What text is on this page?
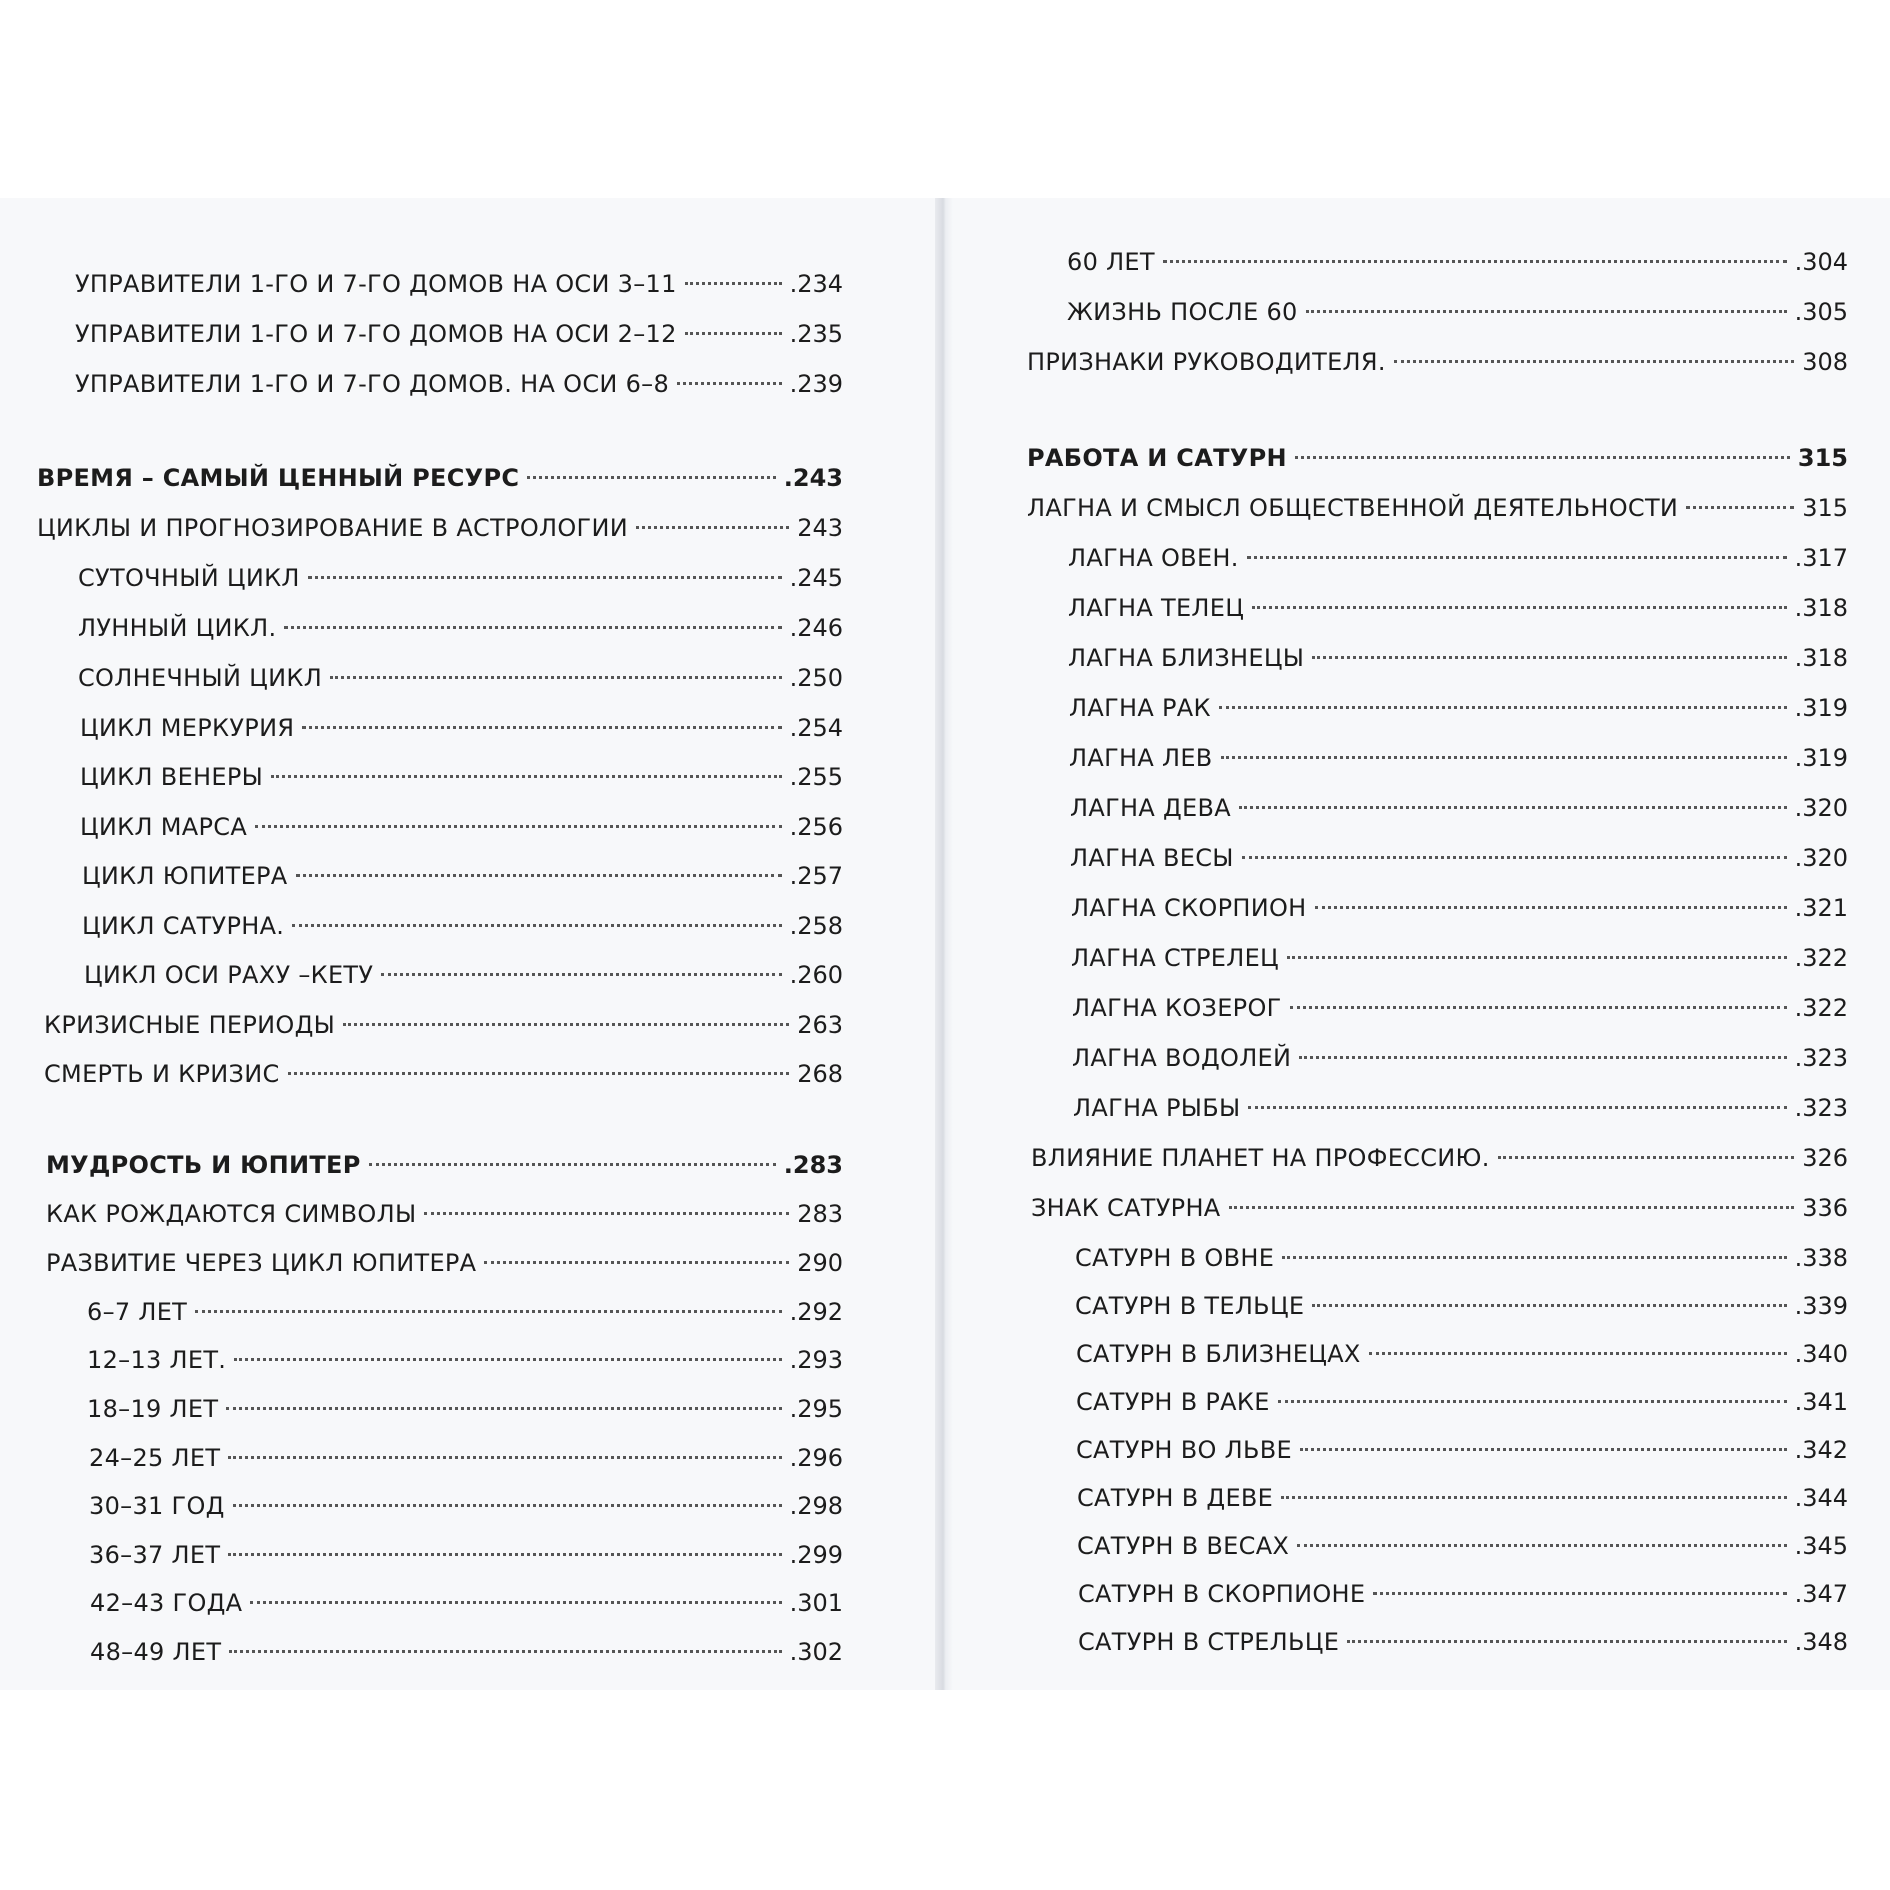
УПРАВИТЕЛИ 1-ГО И 7-ГО ДОМОВ НА ОСИ 3–11	.234
УПРАВИТЕЛИ 1-ГО И 7-ГО ДОМОВ НА ОСИ 2–12	.235
УПРАВИТЕЛИ 1-ГО И 7-ГО ДОМОВ. НА ОСИ 6–8	.239
ВРЕМЯ – САМЫЙ ЦЕННЫЙ РЕСУРС	.243
ЦИКЛЫ И ПРОГНОЗИРОВАНИЕ В АСТРОЛОГИИ	243
СУТОЧНЫЙ ЦИКЛ	.245
ЛУННЫЙ ЦИКЛ.	.246
СОЛНЕЧНЫЙ ЦИКЛ	.250
ЦИКЛ МЕРКУРИЯ	.254
ЦИКЛ ВЕНЕРЫ	.255
ЦИКЛ МАРСА	.256
ЦИКЛ ЮПИТЕРА	.257
ЦИКЛ САТУРНА.	.258
ЦИКЛ ОСИ РАХУ –КЕТУ	.260
КРИЗИСНЫЕ ПЕРИОДЫ	263
СМЕРТЬ И КРИЗИС	268
МУДРОСТЬ И ЮПИТЕР	.283
КАК РОЖДАЮТСЯ СИМВОЛЫ	283
РАЗВИТИЕ ЧЕРЕЗ ЦИКЛ ЮПИТЕРА	290
6–7 ЛЕТ	.292
12–13 ЛЕТ.	.293
18–19 ЛЕТ	.295
24–25 ЛЕТ	.296
30–31 ГОД	.298
36–37 ЛЕТ	.299
42–43 ГОДА	.301
48–49 ЛЕТ	.302
60 ЛЕТ	.304
ЖИЗНЬ ПОСЛЕ 60	.305
ПРИЗНАКИ РУКОВОДИТЕЛЯ.	308
РАБОТА И САТУРН	315
ЛАГНА И СМЫСЛ ОБЩЕСТВЕННОЙ ДЕЯТЕЛЬНОСТИ	315
ЛАГНА ОВЕН.	.317
ЛАГНА ТЕЛЕЦ	.318
ЛАГНА БЛИЗНЕЦЫ	.318
ЛАГНА РАК	.319
ЛАГНА ЛЕВ	.319
ЛАГНА ДЕВА	.320
ЛАГНА ВЕСЫ	.320
ЛАГНА СКОРПИОН	.321
ЛАГНА СТРЕЛЕЦ	.322
ЛАГНА КОЗЕРОГ	.322
ЛАГНА ВОДОЛЕЙ	.323
ЛАГНА РЫБЫ	.323
ВЛИЯНИЕ ПЛАНЕТ НА ПРОФЕССИЮ.	326
ЗНАК САТУРНА	336
САТУРН В ОВНЕ	.338
САТУРН В ТЕЛЬЦЕ	.339
САТУРН В БЛИЗНЕЦАХ	.340
САТУРН В РАКЕ	.341
САТУРН ВО ЛЬВЕ	.342
САТУРН В ДЕВЕ	.344
САТУРН В ВЕСАХ	.345
САТУРН В СКОРПИОНЕ	.347
САТУРН В СТРЕЛЬЦЕ	.348
